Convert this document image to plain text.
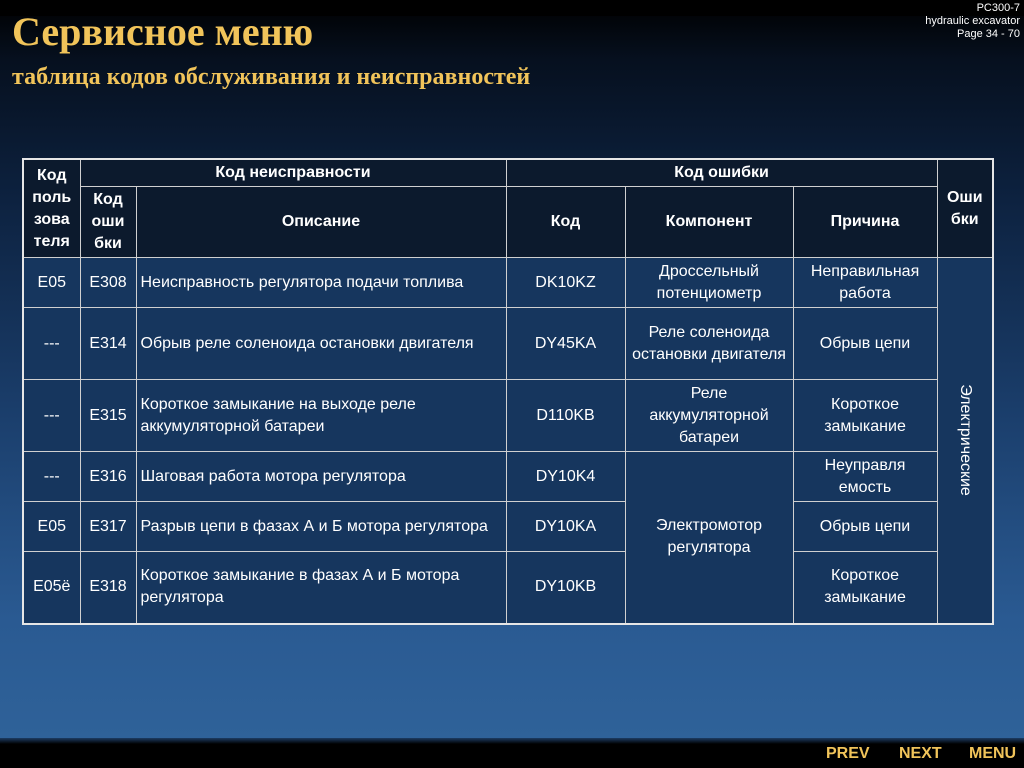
Сервисное меню
таблица кодов обслуживания и неисправностей
PC300-7
hydraulic excavator
Page 34 - 70
Код поль зова теля	Код неисправности		Код ошибки			Оши бки
	Код оши бки	Описание	Код	Компонент	Причина	
E05	E308	Неисправность регулятора подачи топлива	DK10KZ	Дроссельный потенциометр	Неправильная работа	Электрические

---	E314	Обрыв реле соленоида остановки двигателя	DY45KA	Реле соленоида остановки двигателя	Обрыв цепи	
---	E315	Короткое замыкание на выходе реле аккумуляторной батареи	D110KB	Реле аккумуляторной батареи	Короткое замыкание	
---	E316	Шаговая работа мотора регулятора	DY10K4	Электромотор регулятора	Неуправля емость	
E05	E317	Разрыв цепи в фазах А и Б мотора регулятора	DY10KA		Обрыв цепи	
E05ё	E318	Короткое замыкание в фазах А и Б мотора регулятора	DY10KB		Короткое замыкание	
PREV NEXT MENU
